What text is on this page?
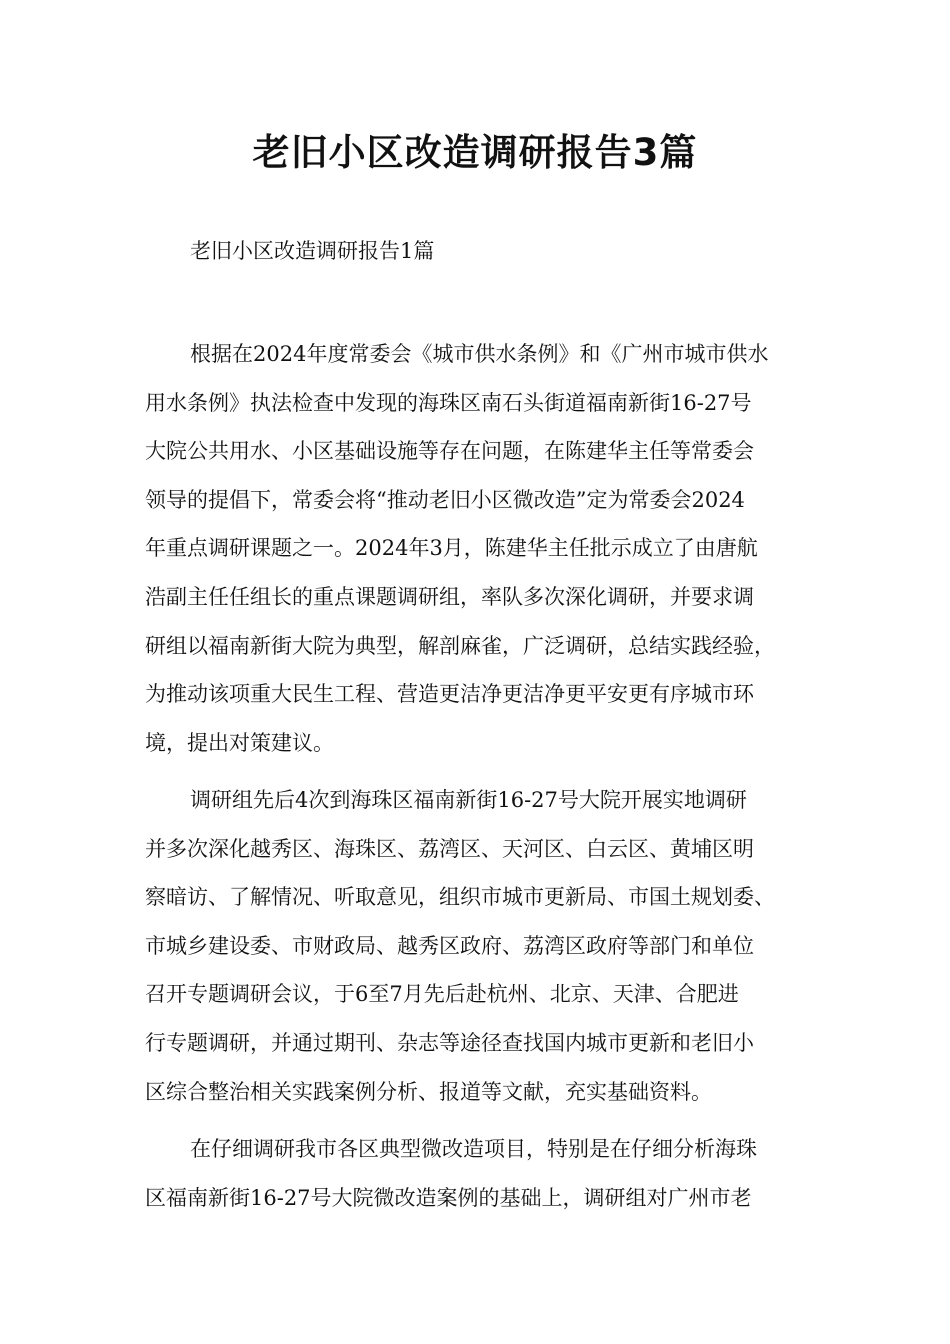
老旧小区改造调研报告3篇

老旧小区改造调研报告1篇

根据在2024年度常委会《城市供水条例》和《广州市城市供水
用水条例》执法检查中发现的海珠区南石头街道福南新街16-27号
大院公共用水、小区基础设施等存在问题，在陈建华主任等常委会
领导的提倡下，常委会将“推动老旧小区微改造”定为常委会2024
年重点调研课题之一。2024年3月，陈建华主任批示成立了由唐航
浩副主任任组长的重点课题调研组，率队多次深化调研，并要求调
研组以福南新街大院为典型，解剖麻雀，广泛调研，总结实践经验，
为推动该项重大民生工程、营造更洁净更洁净更平安更有序城市环
境，提出对策建议。
调研组先后4次到海珠区福南新街16-27号大院开展实地调研
并多次深化越秀区、海珠区、荔湾区、天河区、白云区、黄埔区明
察暗访、了解情况、听取意见，组织市城市更新局、市国土规划委、
市城乡建设委、市财政局、越秀区政府、荔湾区政府等部门和单位
召开专题调研会议，于6至7月先后赴杭州、北京、天津、合肥进
行专题调研，并通过期刊、杂志等途径查找国内城市更新和老旧小
区综合整治相关实践案例分析、报道等文献，充实基础资料。
在仔细调研我市各区典型微改造项目，特别是在仔细分析海珠
区福南新街16-27号大院微改造案例的基础上，调研组对广州市老
